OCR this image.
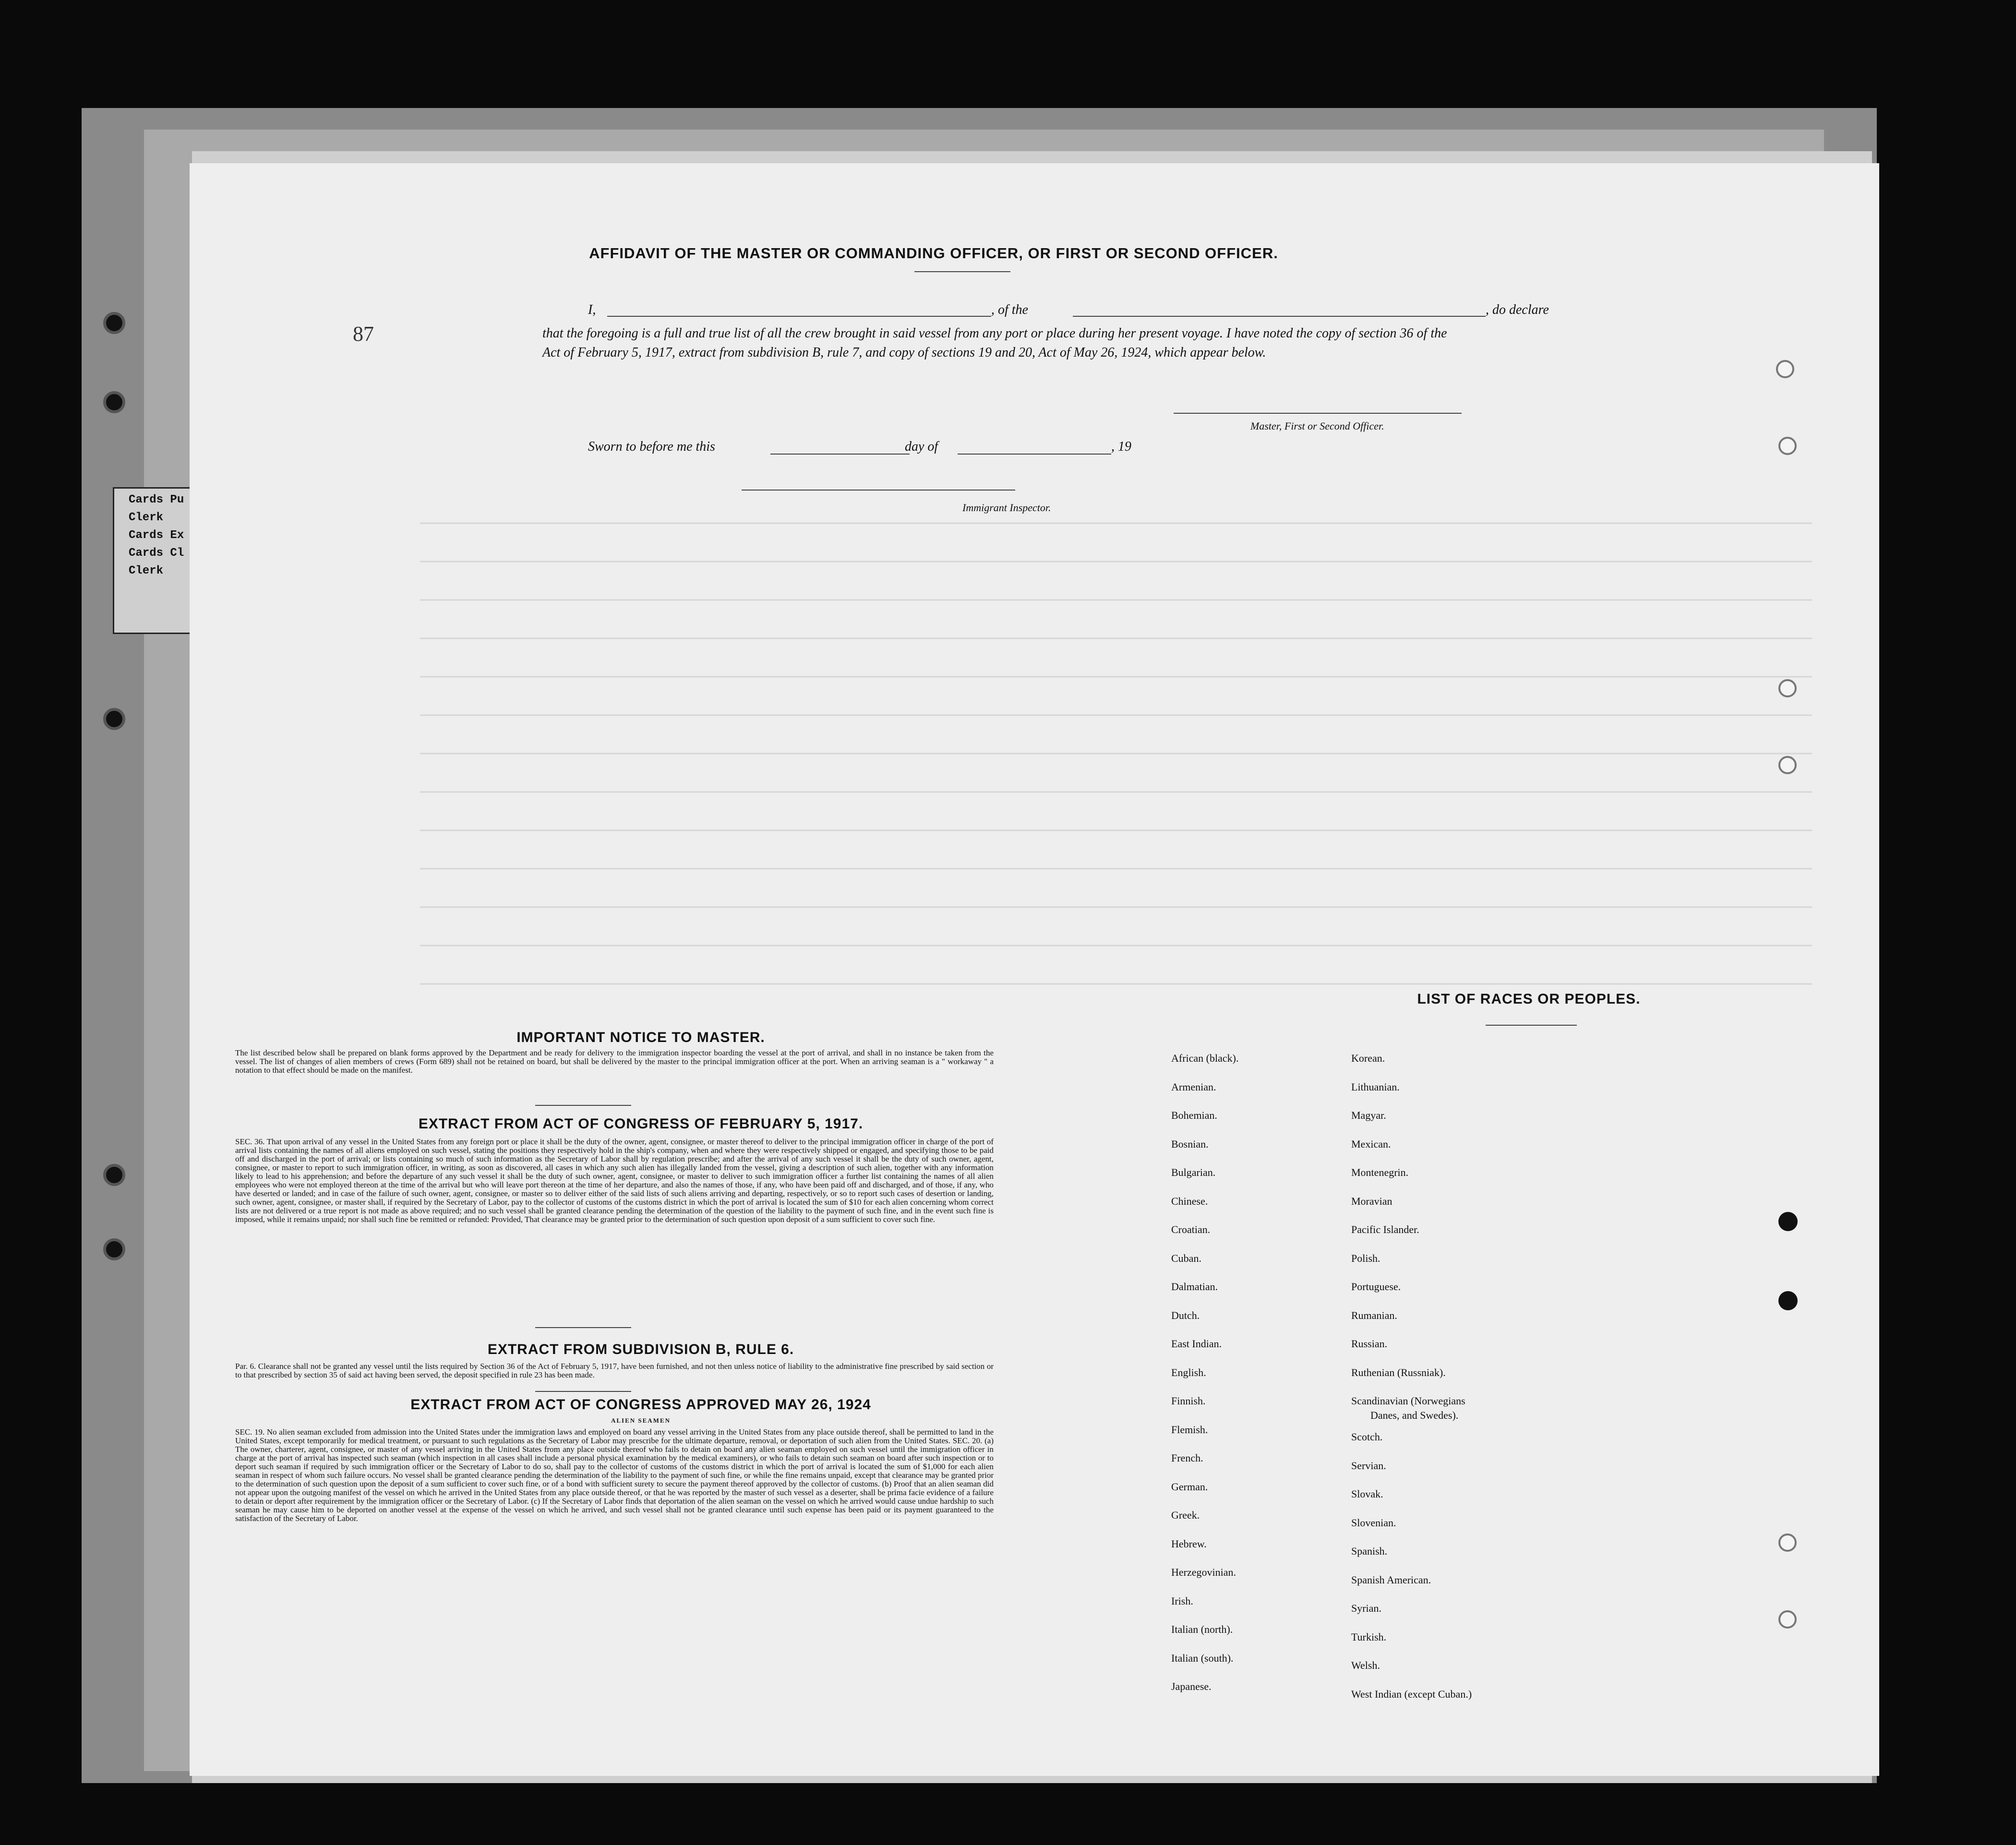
Cards Pu
Clerk
Cards Ex
Cards Cl
Clerk
87
AFFIDAVIT OF THE MASTER OR COMMANDING OFFICER, OR FIRST OR SECOND OFFICER.
I,	, of the	, do declare
that the foregoing is a full and true list of all the crew brought in said vessel from any port or place during her present voyage. I have noted the copy of section 36 of the Act of February 5, 1917, extract from subdivision B, rule 7, and copy of sections 19 and 20, Act of May 26, 1924, which appear below.
Master, First or Second Officer.
Sworn to before me this	day of	, 19
Immigrant Inspector.
IMPORTANT NOTICE TO MASTER.
The list described below shall be prepared on blank forms approved by the Department and be ready for delivery to the immigration inspector boarding the vessel at the port of arrival, and shall in no instance be taken from the vessel. The list of changes of alien members of crews (Form 689) shall not be retained on board, but shall be delivered by the master to the principal immigration officer at the port. When an arriving seaman is a " workaway " a notation to that effect should be made on the manifest.
EXTRACT FROM ACT OF CONGRESS OF FEBRUARY 5, 1917.
SEC. 36. That upon arrival of any vessel in the United States from any foreign port or place it shall be the duty of the owner, agent, consignee, or master thereof to deliver to the principal immigration officer in charge of the port of arrival lists containing the names of all aliens employed on such vessel, stating the positions they respectively hold in the ship's company, when and where they were respectively shipped or engaged, and specifying those to be paid off and discharged in the port of arrival; or lists containing so much of such information as the Secretary of Labor shall by regulation prescribe; and after the arrival of any such vessel it shall be the duty of such owner, agent, consignee, or master to report to such immigration officer, in writing, as soon as discovered, all cases in which any such alien has illegally landed from the vessel, giving a description of such alien, together with any information likely to lead to his apprehension; and before the departure of any such vessel it shall be the duty of such owner, agent, consignee, or master to deliver to such immigration officer a further list containing the names of all alien employees who were not employed thereon at the time of the arrival but who will leave port thereon at the time of her departure, and also the names of those, if any, who have been paid off and discharged, and of those, if any, who have deserted or landed; and in case of the failure of such owner, agent, consignee, or master so to deliver either of the said lists of such aliens arriving and departing, respectively, or so to report such cases of desertion or landing, such owner, agent, consignee, or master shall, if required by the Secretary of Labor, pay to the collector of customs of the customs district in which the port of arrival is located the sum of $10 for each alien concerning whom correct lists are not delivered or a true report is not made as above required; and no such vessel shall be granted clearance pending the determination of the question of the liability to the payment of such fine, and in the event such fine is imposed, while it remains unpaid; nor shall such fine be remitted or refunded: Provided, That clearance may be granted prior to the determination of such question upon deposit of a sum sufficient to cover such fine.
EXTRACT FROM SUBDIVISION B, RULE 6.
Par. 6. Clearance shall not be granted any vessel until the lists required by Section 36 of the Act of February 5, 1917, have been furnished, and not then unless notice of liability to the administrative fine prescribed by said section or to that prescribed by section 35 of said act having been served, the deposit specified in rule 23 has been made.
EXTRACT FROM ACT OF CONGRESS APPROVED MAY 26, 1924
ALIEN SEAMEN
SEC. 19. No alien seaman excluded from admission into the United States under the immigration laws and employed on board any vessel arriving in the United States from any place outside thereof, shall be permitted to land in the United States, except temporarily for medical treatment, or pursuant to such regulations as the Secretary of Labor may prescribe for the ultimate departure, removal, or deportation of such alien from the United States. SEC. 20. (a) The owner, charterer, agent, consignee, or master of any vessel arriving in the United States from any place outside thereof who fails to detain on board any alien seaman employed on such vessel until the immigration officer in charge at the port of arrival has inspected such seaman (which inspection in all cases shall include a personal physical examination by the medical examiners), or who fails to detain such seaman on board after such inspection or to deport such seaman if required by such immigration officer or the Secretary of Labor to do so, shall pay to the collector of customs of the customs district in which the port of arrival is located the sum of $1,000 for each alien seaman in respect of whom such failure occurs. No vessel shall be granted clearance pending the determination of the liability to the payment of such fine, or while the fine remains unpaid, except that clearance may be granted prior to the determination of such question upon the deposit of a sum sufficient to cover such fine, or of a bond with sufficient surety to secure the payment thereof approved by the collector of customs. (b) Proof that an alien seaman did not appear upon the outgoing manifest of the vessel on which he arrived in the United States from any place outside thereof, or that he was reported by the master of such vessel as a deserter, shall be prima facie evidence of a failure to detain or deport after requirement by the immigration officer or the Secretary of Labor. (c) If the Secretary of Labor finds that deportation of the alien seaman on the vessel on which he arrived would cause undue hardship to such seaman he may cause him to be deported on another vessel at the expense of the vessel on which he arrived, and such vessel shall not be granted clearance until such expense has been paid or its payment guaranteed to the satisfaction of the Secretary of Labor.
LIST OF RACES OR PEOPLES.
African (black).
Armenian.
Bohemian.
Bosnian.
Bulgarian.
Chinese.
Croatian.
Cuban.
Dalmatian.
Dutch.
East Indian.
English.
Finnish.
Flemish.
French.
German.
Greek.
Hebrew.
Herzegovinian.
Irish.
Italian (north).
Italian (south).
Japanese.
Korean.
Lithuanian.
Magyar.
Mexican.
Montenegrin.
Moravian
Pacific Islander.
Polish.
Portuguese.
Rumanian.
Russian.
Ruthenian (Russniak).
Scandinavian (Norwegians
Danes, and Swedes).
Scotch.
Servian.
Slovak.
Slovenian.
Spanish.
Spanish American.
Syrian.
Turkish.
Welsh.
West Indian (except Cuban.)
